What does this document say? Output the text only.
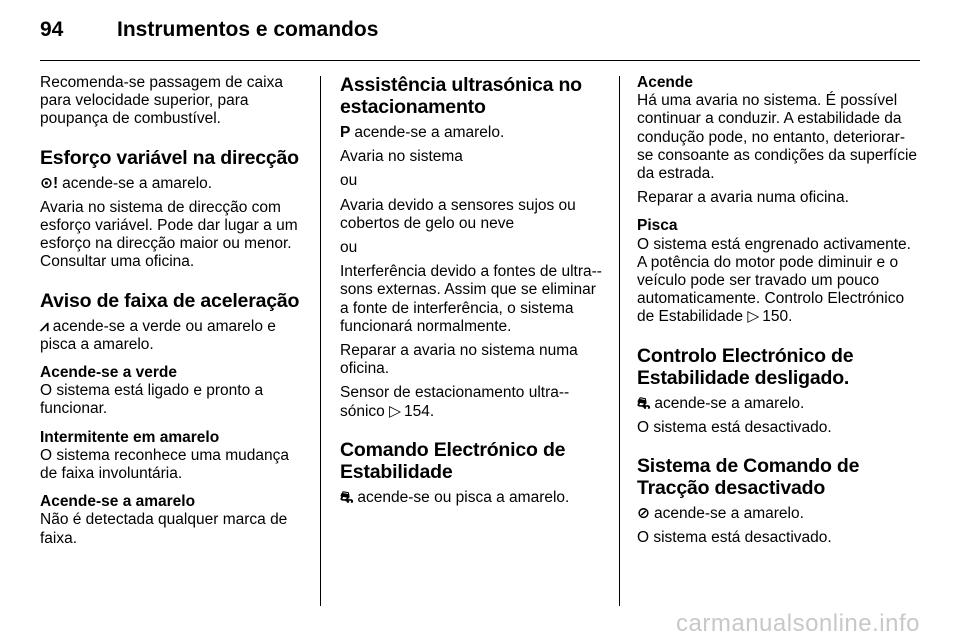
94	Instrumentos e comandos

Recomenda-se passagem de caixa para velocidade superior, para poupança de combustível.

Esforço variável na direcção

⊙! acende-se a amarelo.

Avaria no sistema de direcção com esforço variável. Pode dar lugar a um esforço na direcção maior ou menor. Consultar uma oficina.

Aviso de faixa de aceleração

⩘ acende-se a verde ou amarelo e pisca a amarelo.

Acende-se a verde

O sistema está ligado e pronto a funcionar.

Intermitente em amarelo

O sistema reconhece uma mudança de faixa involuntária.

Acende-se a amarelo

Não é detectada qualquer marca de faixa.

Assistência ultrasónica no estacionamento

P acende-se a amarelo.

Avaria no sistema

ou

Avaria devido a sensores sujos ou cobertos de gelo ou neve

ou

Interferência devido a fontes de ultra--sons externas. Assim que se eliminar a fonte de interferência, o sistema funcionará normalmente.

Reparar a avaria no sistema numa oficina.

Sensor de estacionamento ultra--sónico ▷ 154.

Comando Electrónico de Estabilidade

⛐ acende-se ou pisca a amarelo.

Acende

Há uma avaria no sistema. É possível continuar a conduzir. A estabilidade da condução pode, no entanto, deteriorar-se consoante as condições da superfície da estrada.

Reparar a avaria numa oficina.

Pisca

O sistema está engrenado activamente. A potência do motor pode diminuir e o veículo pode ser travado um pouco automaticamente. Controlo Electrónico de Estabilidade ▷ 150.

Controlo Electrónico de Estabilidade desligado.

⛐ acende-se a amarelo.

O sistema está desactivado.

Sistema de Comando de Tracção desactivado

⊘ acende-se a amarelo.

O sistema está desactivado.

carmanualsonline.info
